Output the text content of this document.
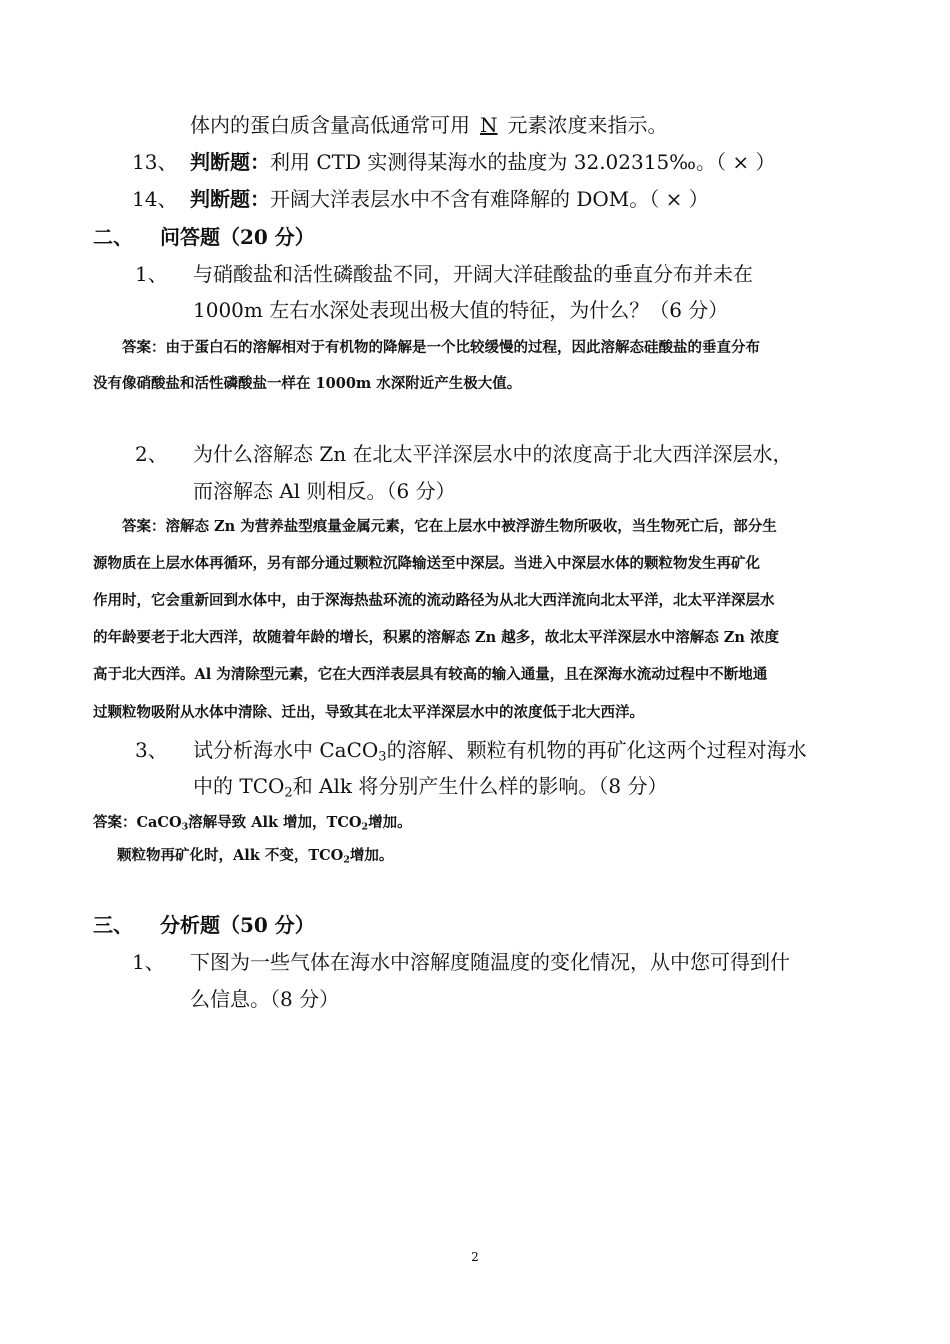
体内的蛋白质含量高低通常可用 N 元素浓度来指示。
13、 判断题：利用 CTD 实测得某海水的盐度为 32.02315‰。（ × ）
14、 判断题：开阔大洋表层水中不含有难降解的 DOM。（ × ）
二、 问答题（20 分）
1、 与硝酸盐和活性磷酸盐不同，开阔大洋硅酸盐的垂直分布并未在
1000m 左右水深处表现出极大值的特征，为什么？（6 分）
答案：由于蛋白石的溶解相对于有机物的降解是一个比较缓慢的过程，因此溶解态硅酸盐的垂直分布
没有像硝酸盐和活性磷酸盐一样在 1000m 水深附近产生极大值。
2、 为什么溶解态 Zn 在北太平洋深层水中的浓度高于北大西洋深层水，
而溶解态 Al 则相反。（6 分）
答案：溶解态 Zn 为营养盐型痕量金属元素，它在上层水中被浮游生物所吸收，当生物死亡后，部分生
源物质在上层水体再循环，另有部分通过颗粒沉降输送至中深层。当进入中深层水体的颗粒物发生再矿化
作用时，它会重新回到水体中，由于深海热盐环流的流动路径为从北大西洋流向北太平洋，北太平洋深层水
的年龄要老于北大西洋，故随着年龄的增长，积累的溶解态 Zn 越多，故北太平洋深层水中溶解态 Zn 浓度
高于北大西洋。Al 为清除型元素，它在大西洋表层具有较高的输入通量，且在深海水流动过程中不断地通
过颗粒物吸附从水体中清除、迁出，导致其在北太平洋深层水中的浓度低于北大西洋。
3、 试分析海水中 CaCO$_3$的溶解、颗粒有机物的再矿化这两个过程对海水
中的 $TCO_2$和 Alk 将分别产生什么样的影响。（8 分）
答案：CaCO$_3$溶解导致 Alk 增加，$TCO_2$增加。
颗粒物再矿化时，Alk 不变，$TCO_2$增加。
三、 分析题（50 分）
1、 下图为一些气体在海水中溶解度随温度的变化情况，从中您可得到什
么信息。（8 分）
2
